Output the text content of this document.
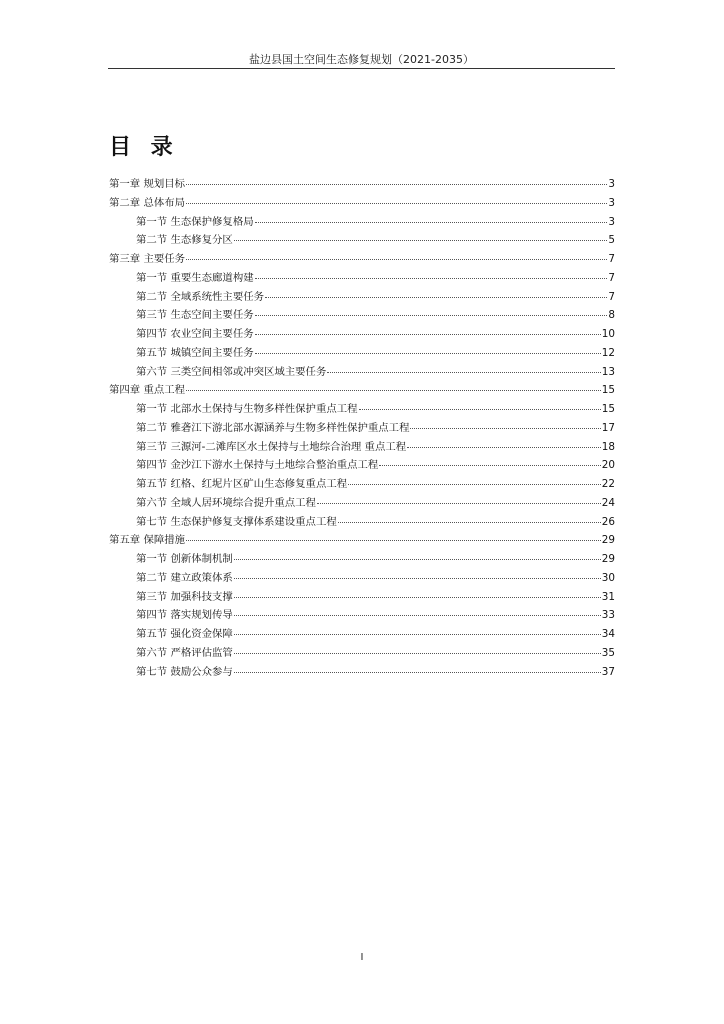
盐边县国土空间生态修复规划（2021-2035）
目 录
第一章 规划目标	3
第二章 总体布局	3
第一节 生态保护修复格局	3
第二节 生态修复分区	5
第三章 主要任务	7
第一节 重要生态廊道构建	7
第二节 全域系统性主要任务	7
第三节 生态空间主要任务	8
第四节 农业空间主要任务	10
第五节 城镇空间主要任务	12
第六节 三类空间相邻或冲突区域主要任务	13
第四章 重点工程	15
第一节 北部水土保持与生物多样性保护重点工程	15
第二节 雅砻江下游北部水源涵养与生物多样性保护重点工程	17
第三节 三源河-二滩库区水土保持与土地综合治理 重点工程	18
第四节 金沙江下游水土保持与土地综合整治重点工程	20
第五节 红格、红坭片区矿山生态修复重点工程	22
第六节 全域人居环境综合提升重点工程	24
第七节 生态保护修复支撑体系建设重点工程	26
第五章 保障措施	29
第一节 创新体制机制	29
第二节 建立政策体系	30
第三节 加强科技支撑	31
第四节 落实规划传导	33
第五节 强化资金保障	34
第六节 严格评估监管	35
第七节 鼓励公众参与	37
I
